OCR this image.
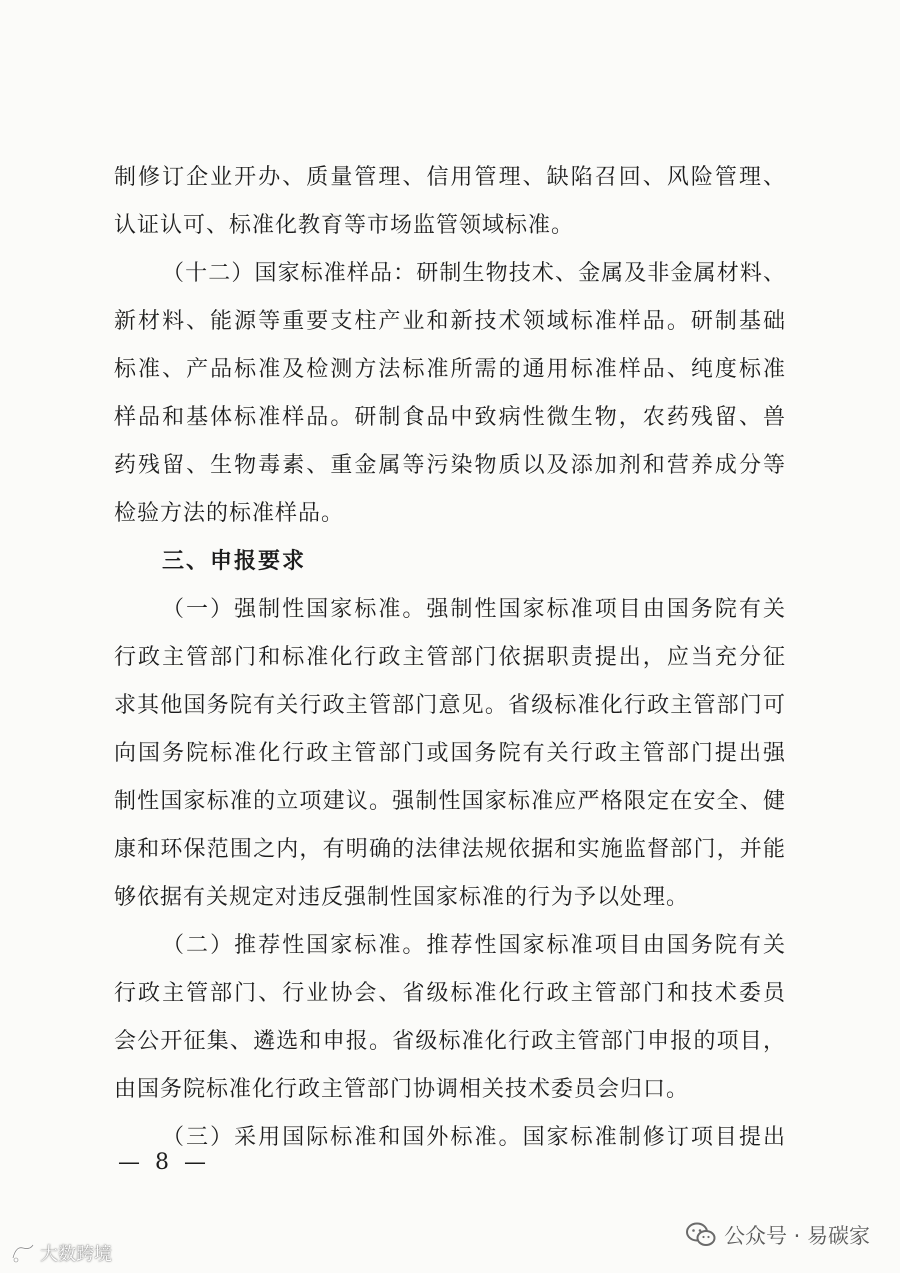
制修订企业开办、质量管理、信用管理、缺陷召回、风险管理、
认证认可、标准化教育等市场监管领域标准。
（十二）国家标准样品：研制生物技术、金属及非金属材料、
新材料、能源等重要支柱产业和新技术领域标准样品。研制基础
标准、产品标准及检测方法标准所需的通用标准样品、纯度标准
样品和基体标准样品。研制食品中致病性微生物，农药残留、兽
药残留、生物毒素、重金属等污染物质以及添加剂和营养成分等
检验方法的标准样品。
三、申报要求
（一）强制性国家标准。强制性国家标准项目由国务院有关
行政主管部门和标准化行政主管部门依据职责提出，应当充分征
求其他国务院有关行政主管部门意见。省级标准化行政主管部门可
向国务院标准化行政主管部门或国务院有关行政主管部门提出强
制性国家标准的立项建议。强制性国家标准应严格限定在安全、健
康和环保范围之内，有明确的法律法规依据和实施监督部门，并能
够依据有关规定对违反强制性国家标准的行为予以处理。
（二）推荐性国家标准。推荐性国家标准项目由国务院有关
行政主管部门、行业协会、省级标准化行政主管部门和技术委员
会公开征集、遴选和申报。省级标准化行政主管部门申报的项目，
由国务院标准化行政主管部门协调相关技术委员会归口。
（三）采用国际标准和国外标准。国家标准制修订项目提出
— 8 —
公众号 · 易碳家
大数跨境
